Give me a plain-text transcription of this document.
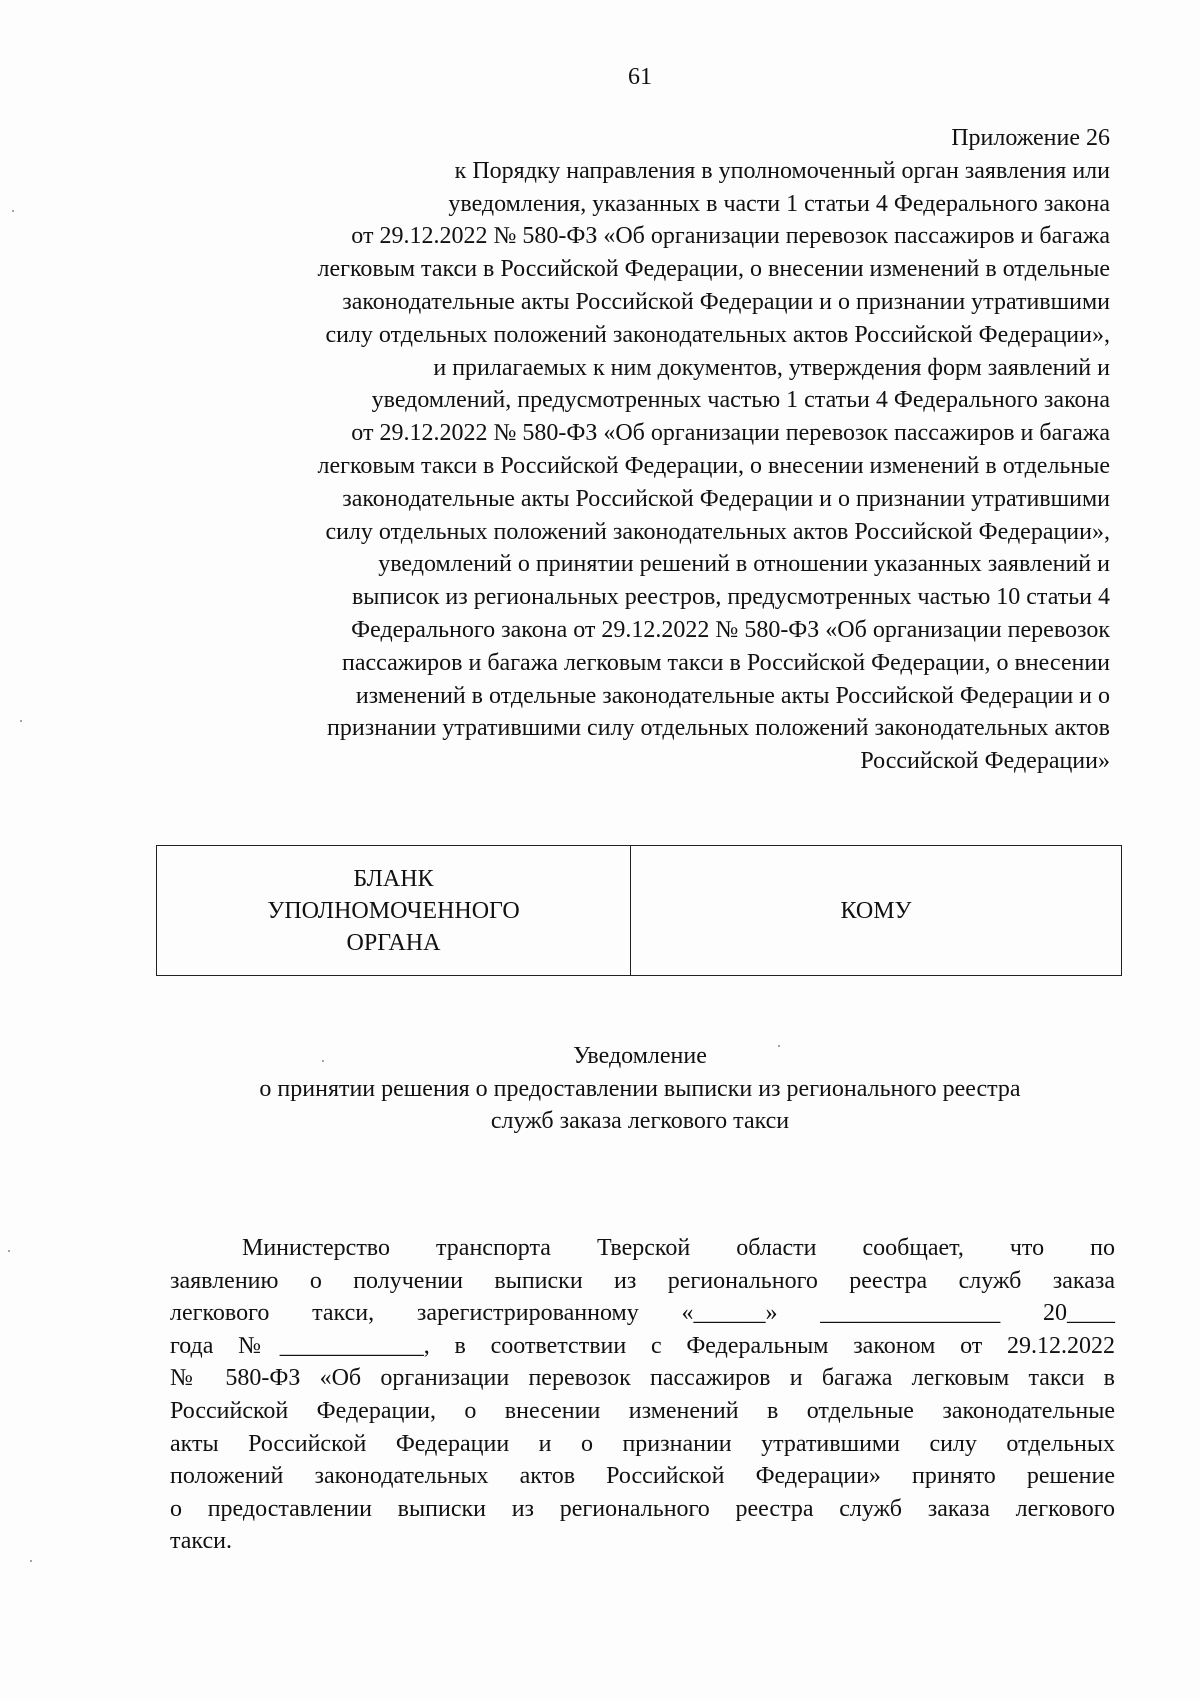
61
Приложение 26
к Порядку направления в уполномоченный орган заявления или
уведомления, указанных в части 1 статьи 4 Федерального закона
от 29.12.2022 № 580-ФЗ «Об организации перевозок пассажиров и багажа
легковым такси в Российской Федерации, о внесении изменений в отдельные
законодательные акты Российской Федерации и о признании утратившими
силу отдельных положений законодательных актов Российской Федерации»,
и прилагаемых к ним документов, утверждения форм заявлений и
уведомлений, предусмотренных частью 1 статьи 4 Федерального закона
от 29.12.2022 № 580-ФЗ «Об организации перевозок пассажиров и багажа
легковым такси в Российской Федерации, о внесении изменений в отдельные
законодательные акты Российской Федерации и о признании утратившими
силу отдельных положений законодательных актов Российской Федерации»,
уведомлений о принятии решений в отношении указанных заявлений и
выписок из региональных реестров, предусмотренных частью 10 статьи 4
Федерального закона от 29.12.2022 № 580-ФЗ «Об организации перевозок
пассажиров и багажа легковым такси в Российской Федерации, о внесении
изменений в отдельные законодательные акты Российской Федерации и о
признании утратившими силу отдельных положений законодательных актов
Российской Федерации»
БЛАНК
УПОЛНОМОЧЕННОГО
ОРГАНА
КОМУ
Уведомление
о принятии решения о предоставлении выписки из регионального реестра
служб заказа легкового такси
Министерство транспорта Тверской области сообщает, что по
заявлению о получении выписки из регионального реестра служб заказа
легкового такси, зарегистрированному «______» _______________ 20____
года №____________, в соответствии с Федеральным законом от 29.12.2022
№ 580-ФЗ «Об организации перевозок пассажиров и багажа легковым такси в
Российской Федерации, о внесении изменений в отдельные законодательные
акты Российской Федерации и о признании утратившими силу отдельных
положений законодательных актов Российской Федерации» принято решение
о предоставлении выписки из регионального реестра служб заказа легкового
такси.
